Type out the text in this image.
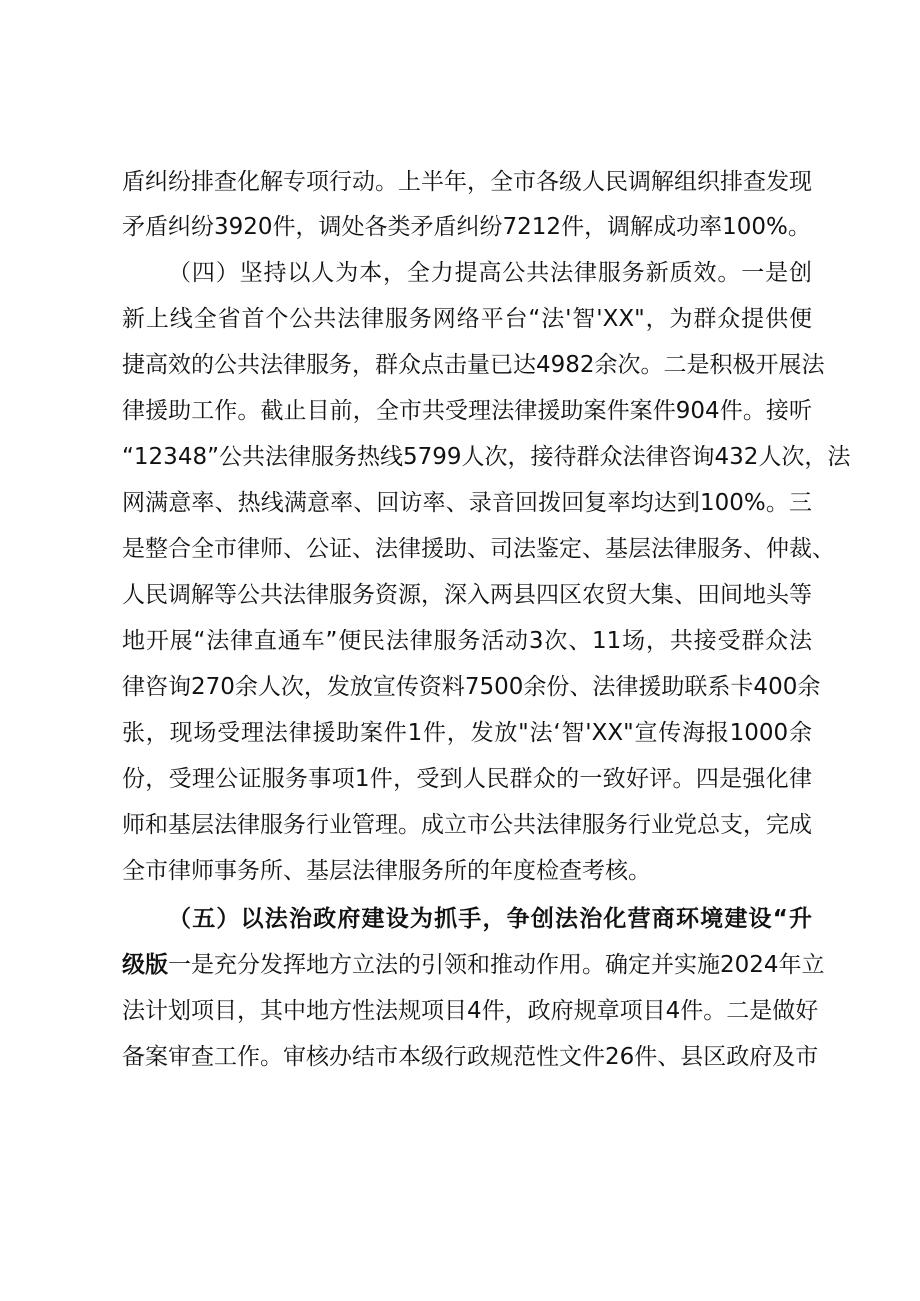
盾纠纷排查化解专项行动。上半年，全市各级人民调解组织排查发现
矛盾纠纷3920件，调处各类矛盾纠纷7212件，调解成功率100%。
（四）坚持以人为本，全力提高公共法律服务新质效。一是创
新上线全省首个公共法律服务网络平台“法'智'XX"，为群众提供便
捷高效的公共法律服务，群众点击量已达4982余次。二是积极开展法
律援助工作。截止目前，全市共受理法律援助案件案件904件。接听
“12348”公共法律服务热线5799人次，接待群众法律咨询432人次，法
网满意率、热线满意率、回访率、录音回拨回复率均达到100%。三
是整合全市律师、公证、法律援助、司法鉴定、基层法律服务、仲裁、
人民调解等公共法律服务资源，深入两县四区农贸大集、田间地头等
地开展“法律直通车”便民法律服务活动3次、11场，共接受群众法
律咨询270余人次，发放宣传资料7500余份、法律援助联系卡400余
张，现场受理法律援助案件1件，发放"法‘智'XX"宣传海报1000余
份，受理公证服务事项1件，受到人民群众的一致好评。四是强化律
师和基层法律服务行业管理。成立市公共法律服务行业党总支，完成
全市律师事务所、基层法律服务所的年度检查考核。
（五）以法治政府建设为抓手，争创法治化营商环境建设“升
级版一是充分发挥地方立法的引领和推动作用。确定并实施2024年立
法计划项目，其中地方性法规项目4件，政府规章项目4件。二是做好
备案审查工作。审核办结市本级行政规范性文件26件、县区政府及市
